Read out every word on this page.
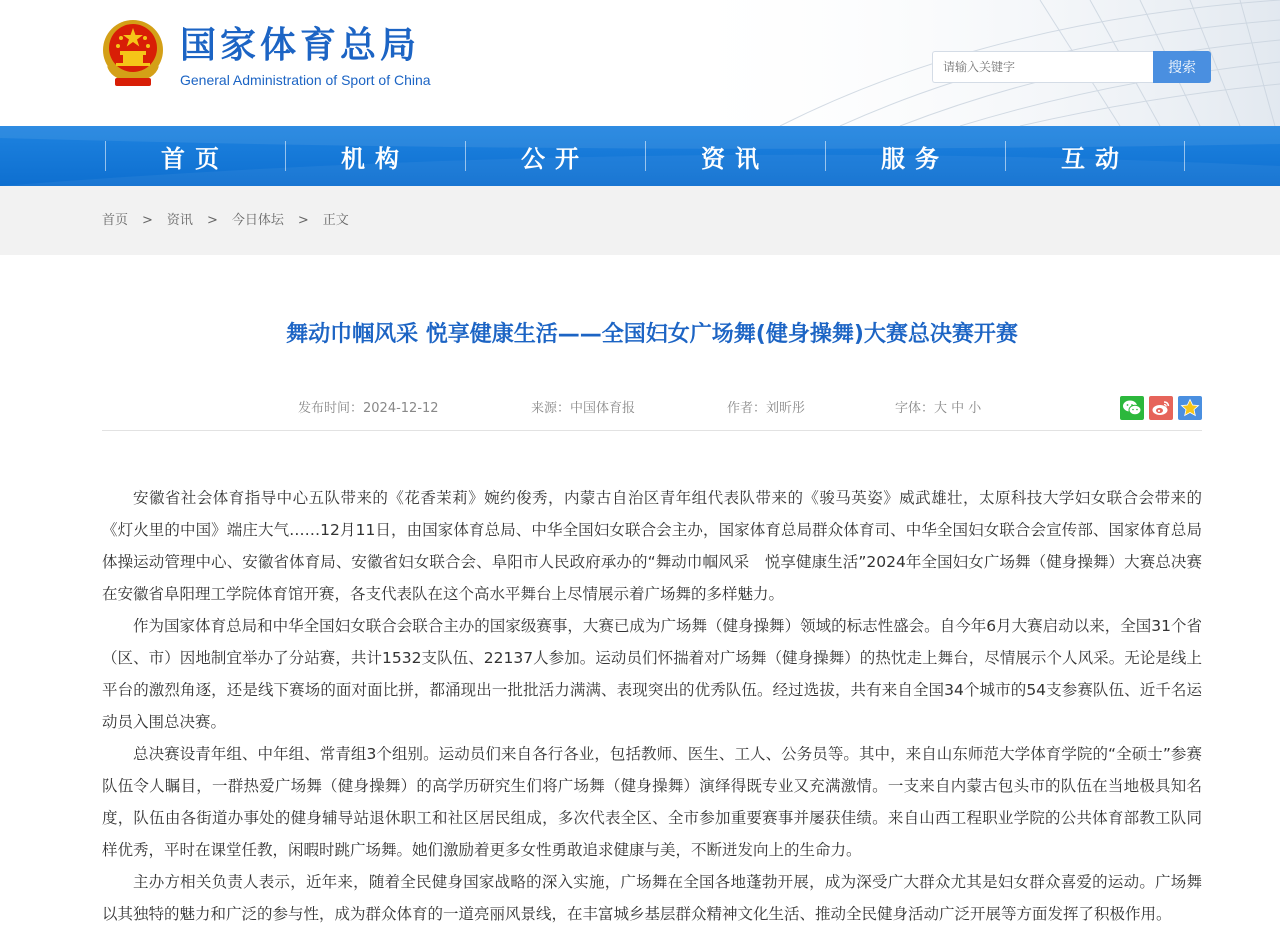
国家体育总局
General Administration of Sport of China
请输入关键字
搜索
首页	机构	公开	资讯	服务	互动
首页 > 资讯 > 今日体坛 > 正文
舞动巾帼风采 悦享健康生活——全国妇女广场舞(健身操舞)大赛总决赛开赛
发布时间：2024-12-12	来源：中国体育报	作者：刘昕彤	字体：大 中 小

安徽省社会体育指导中心五队带来的《花香茉莉》婉约俊秀，内蒙古自治区青年组代表队带来的《骏马英姿》威武雄壮，太原科技大学妇女联合会带来的《灯火里的中国》端庄大气……12月11日，由国家体育总局、中华全国妇女联合会主办，国家体育总局群众体育司、中华全国妇女联合会宣传部、国家体育总局体操运动管理中心、安徽省体育局、安徽省妇女联合会、阜阳市人民政府承办的“舞动巾帼风采　悦享健康生活”2024年全国妇女广场舞（健身操舞）大赛总决赛在安徽省阜阳理工学院体育馆开赛，各支代表队在这个高水平舞台上尽情展示着广场舞的多样魅力。

作为国家体育总局和中华全国妇女联合会联合主办的国家级赛事，大赛已成为广场舞（健身操舞）领域的标志性盛会。自今年6月大赛启动以来，全国31个省（区、市）因地制宜举办了分站赛，共计1532支队伍、22137人参加。运动员们怀揣着对广场舞（健身操舞）的热忱走上舞台，尽情展示个人风采。无论是线上平台的激烈角逐，还是线下赛场的面对面比拼，都涌现出一批批活力满满、表现突出的优秀队伍。经过选拔，共有来自全国34个城市的54支参赛队伍、近千名运动员入围总决赛。

总决赛设青年组、中年组、常青组3个组别。运动员们来自各行各业，包括教师、医生、工人、公务员等。其中，来自山东师范大学体育学院的“全硕士”参赛队伍令人瞩目，一群热爱广场舞（健身操舞）的高学历研究生们将广场舞（健身操舞）演绎得既专业又充满激情。一支来自内蒙古包头市的队伍在当地极具知名度，队伍由各街道办事处的健身辅导站退休职工和社区居民组成，多次代表全区、全市参加重要赛事并屡获佳绩。来自山西工程职业学院的公共体育部教工队同样优秀，平时在课堂任教，闲暇时跳广场舞。她们激励着更多女性勇敢追求健康与美，不断迸发向上的生命力。

主办方相关负责人表示，近年来，随着全民健身国家战略的深入实施，广场舞在全国各地蓬勃开展，成为深受广大群众尤其是妇女群众喜爱的运动。广场舞以其独特的魅力和广泛的参与性，成为群众体育的一道亮丽风景线，在丰富城乡基层群众精神文化生活、推动全民健身活动广泛开展等方面发挥了积极作用。
